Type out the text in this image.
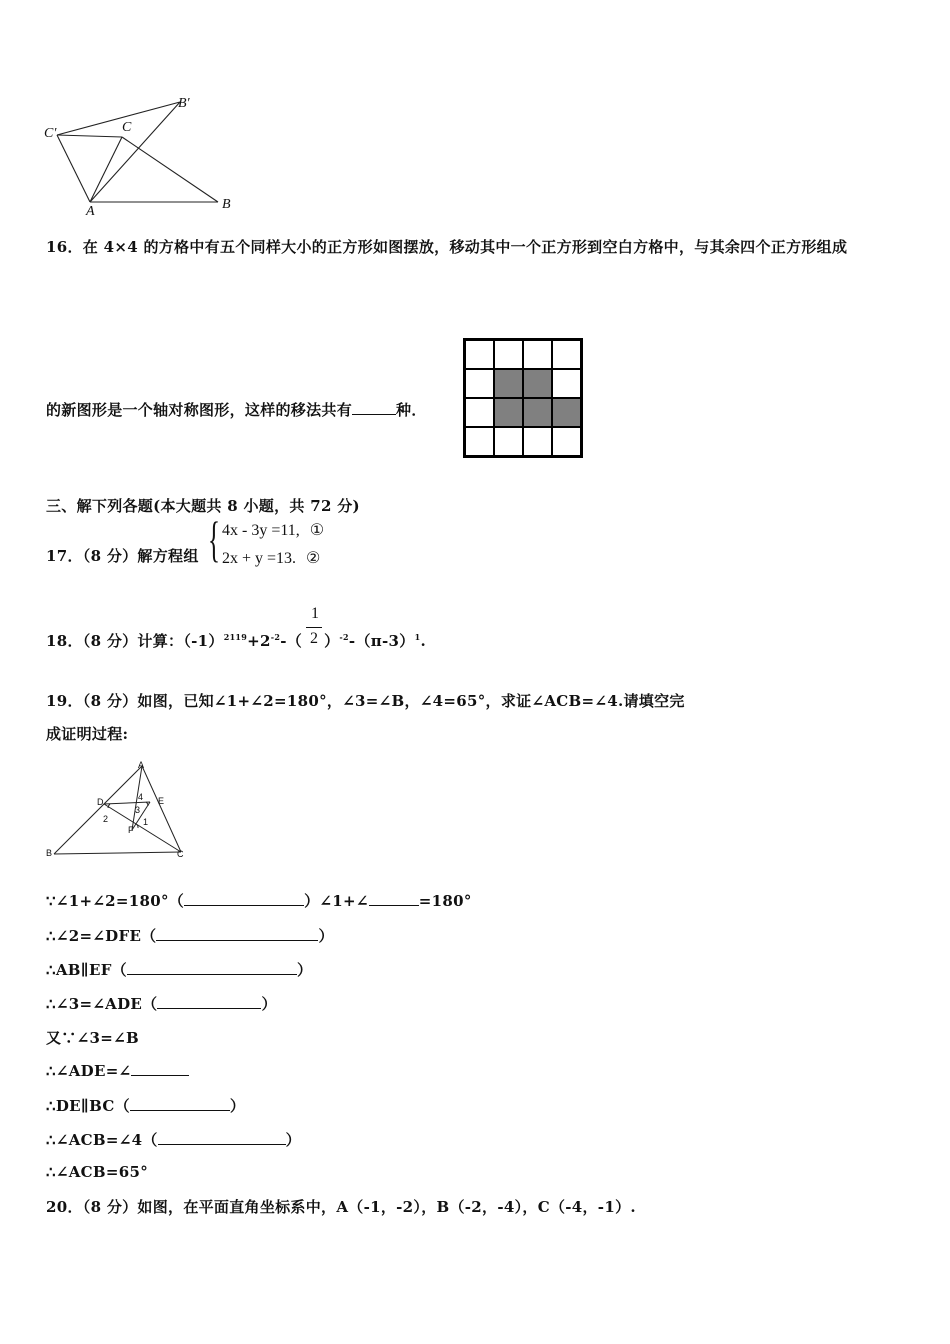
C′	C
B′
A	B
16．在 4×4 的方格中有五个同样大小的正方形如图摆放，移动其中一个正方形到空白方格中，与其余四个正方形组成
的新图形是一个轴对称图形，这样的移法共有	种．
三、解下列各题(本大题共 8 小题，共 72 分)
17．（8 分）解方程组 { 4x - 3y =11, ①
2x + y =13. ②
18．（8 分）计算：$(-1)^{2119}+2^{-2}-$（ ）$^{-2}-(\pi-3)^1$.
1
2
19．（8 分）如图，已知∠1+∠2=180°，∠3=∠B，∠4=65°，求证∠ACB=∠4.请填空完
成证明过程:
A
D	E
4
3
2	1
F
B	C
∵∠1+∠2=180°（	）∠1+∠	=180°
∴∠2=∠DFE（	）
∴AB∥EF（	）
∴∠3=∠ADE（	）
又∵∠3=∠B
∴∠ADE=∠
∴DE∥BC（	）
∴∠ACB=∠4（	）
∴∠ACB=65°
20．（8 分）如图，在平面直角坐标系中，A（-1，-2），B（-2，-4），C（-4，-1）.
